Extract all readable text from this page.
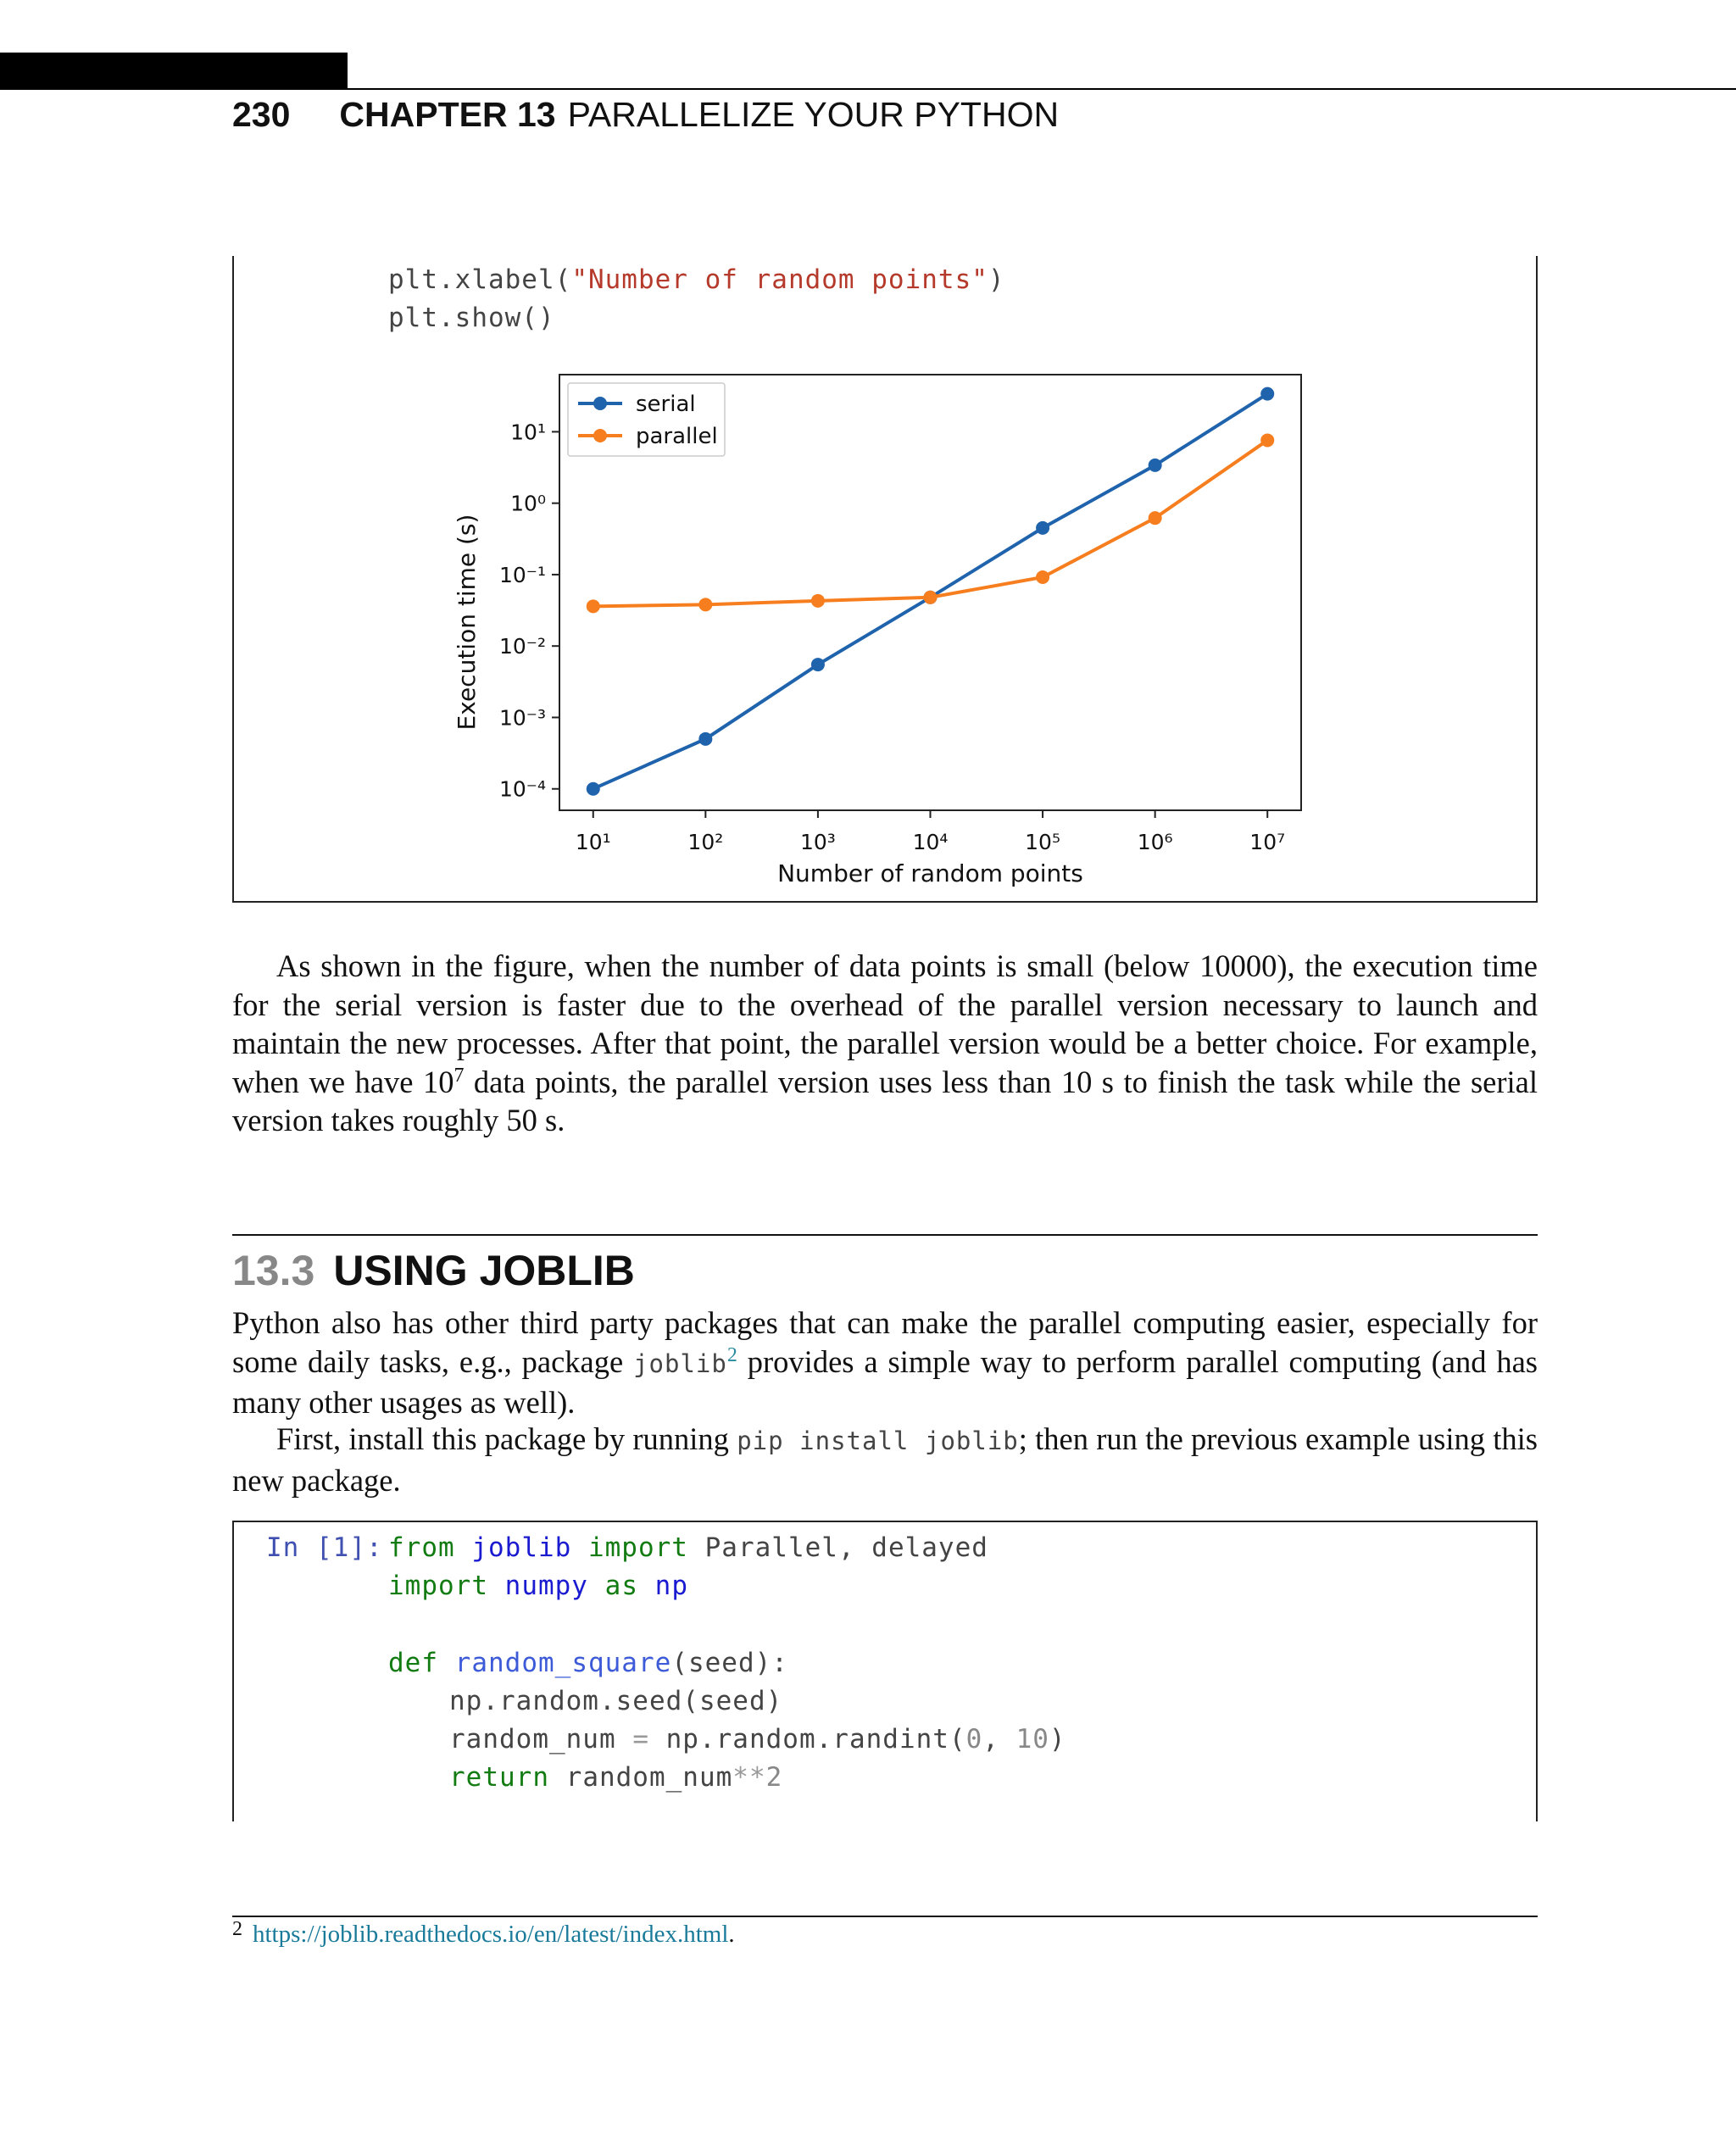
230 CHAPTER 13 PARALLELIZE YOUR PYTHON
plt.xlabel("Number of random points")
plt.show()
10¹	10²	10³	10⁴	10⁵	10⁶	10⁷
10⁻⁴
10⁻³
10⁻²
10⁻¹
10⁰
10¹
Number of random points
Execution time (s)
serial
parallel
As shown in the figure, when the number of data points is small (below 10000), the execution time for the serial version is faster due to the overhead of the parallel version necessary to launch and maintain the new processes. After that point, the parallel version would be a better choice. For example, when we have $10^7$ data points, the parallel version uses less than 10 s to finish the task while the serial version takes roughly 50 s.
13.3 USING JOBLIB
Python also has other third party packages that can make the parallel computing easier, especially for some daily tasks, e.g., package joblib$^2$ provides a simple way to perform parallel computing (and has many other usages as well).
First, install this package by running pip install joblib; then run the previous example using this new package.
In [1]: from joblib import Parallel, delayed
import numpy as np
def random_square(seed):
np.random.seed(seed)
random_num = np.random.randint(0, 10)
return random_num**2
$^2$ https://joblib.readthedocs.io/en/latest/index.html.
